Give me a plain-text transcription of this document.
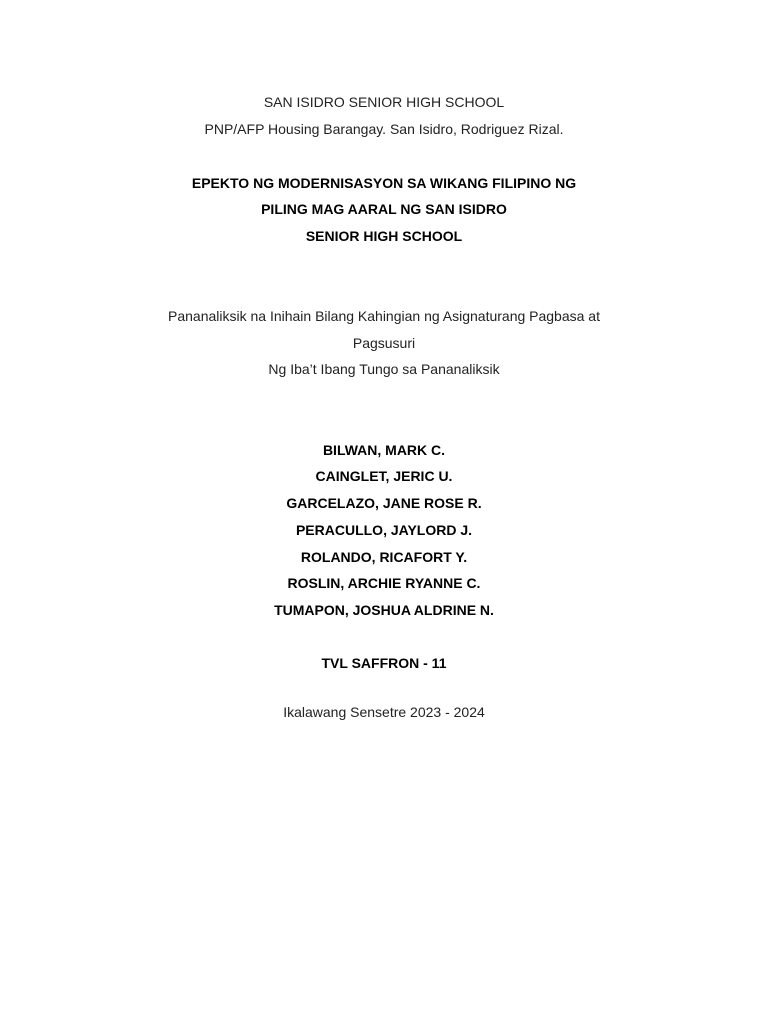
SAN ISIDRO SENIOR HIGH SCHOOL
PNP/AFP Housing Barangay. San Isidro, Rodriguez Rizal.
EPEKTO NG MODERNISASYON SA WIKANG FILIPINO NG
PILING MAG AARAL NG SAN ISIDRO
SENIOR HIGH SCHOOL
Pananaliksik na Inihain Bilang Kahingian ng Asignaturang Pagbasa at
Pagsusuri
Ng Iba’t Ibang Tungo sa Pananaliksik
BILWAN, MARK C.
CAINGLET, JERIC U.
GARCELAZO, JANE ROSE R.
PERACULLO, JAYLORD J.
ROLANDO, RICAFORT Y.
ROSLIN, ARCHIE RYANNE C.
TUMAPON, JOSHUA ALDRINE N.
TVL SAFFRON - 11
Ikalawang Sensetre 2023 - 2024
